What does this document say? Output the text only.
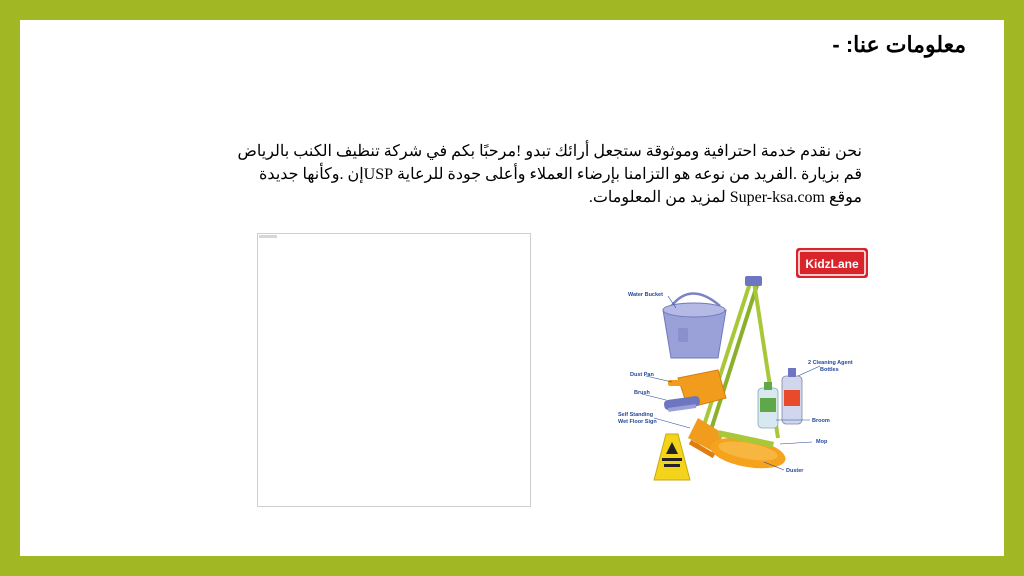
معلومات عنا: -
نحن نقدم خدمة احترافية وموثوقة ستجعل أرائك تبدو !مرحبًا بكم في شركة تنظيف الكنب بالرياض
قم بزيارة .الفريد من نوعه هو التزامنا بإرضاء العملاء وأعلى جودة للرعاية USPإن .وكأنها جديدة
موقع Super-ksa.com لمزيد من المعلومات.
KidzLane
Water Bucket
Dust Pan
Brush
Self Standing
Wet Floor Sign
2 Cleaning Agent
Bottles
Broom
Mop
Duster
